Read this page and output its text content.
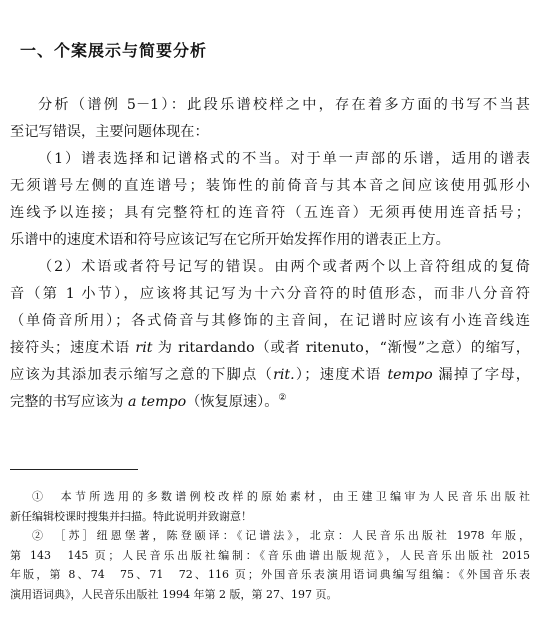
一、个案展示与简要分析
分析（谱例 5－1）：此段乐谱校样之中，存在着多方面的书写不当甚
至记写错误，主要问题体现在：
（1）谱表选择和记谱格式的不当。对于单一声部的乐谱，适用的谱表
无须谱号左侧的直连谱号；装饰性的前倚音与其本音之间应该使用弧形小
连线予以连接；具有完整符杠的连音符（五连音）无须再使用连音括号；
乐谱中的速度术语和符号应该记写在它所开始发挥作用的谱表正上方。
（2）术语或者符号记写的错误。由两个或者两个以上音符组成的复倚
音（第 1 小节），应该将其记写为十六分音符的时值形态，而非八分音符
（单倚音所用）；各式倚音与其修饰的主音间，在记谱时应该有小连音线连
接符头；速度术语 rit 为 ritardando（或者 ritenuto，“渐慢”之意）的缩写，
应该为其添加表示缩写之意的下脚点（rit.）；速度术语 tempo 漏掉了字母，
完整的书写应该为 a tempo（恢复原速）。②
①　本节所选用的多数谱例校改样的原始素材，由王建卫编审为人民音乐出版社
新任编辑校课时搜集并扫描。特此说明并致谢意！
②　［苏］纽恩堡著，陈登颐译：《记谱法》，北京：人民音乐出版社 1978 年版，
第 143　145 页；人民音乐出版社编制：《音乐曲谱出版规范》，人民音乐出版社 2015
年版，第 8、74　75、71　72、116 页；外国音乐表演用语词典编写组编：《外国音乐表
演用语词典》，人民音乐出版社 1994 年第 2 版，第 27、197 页。
